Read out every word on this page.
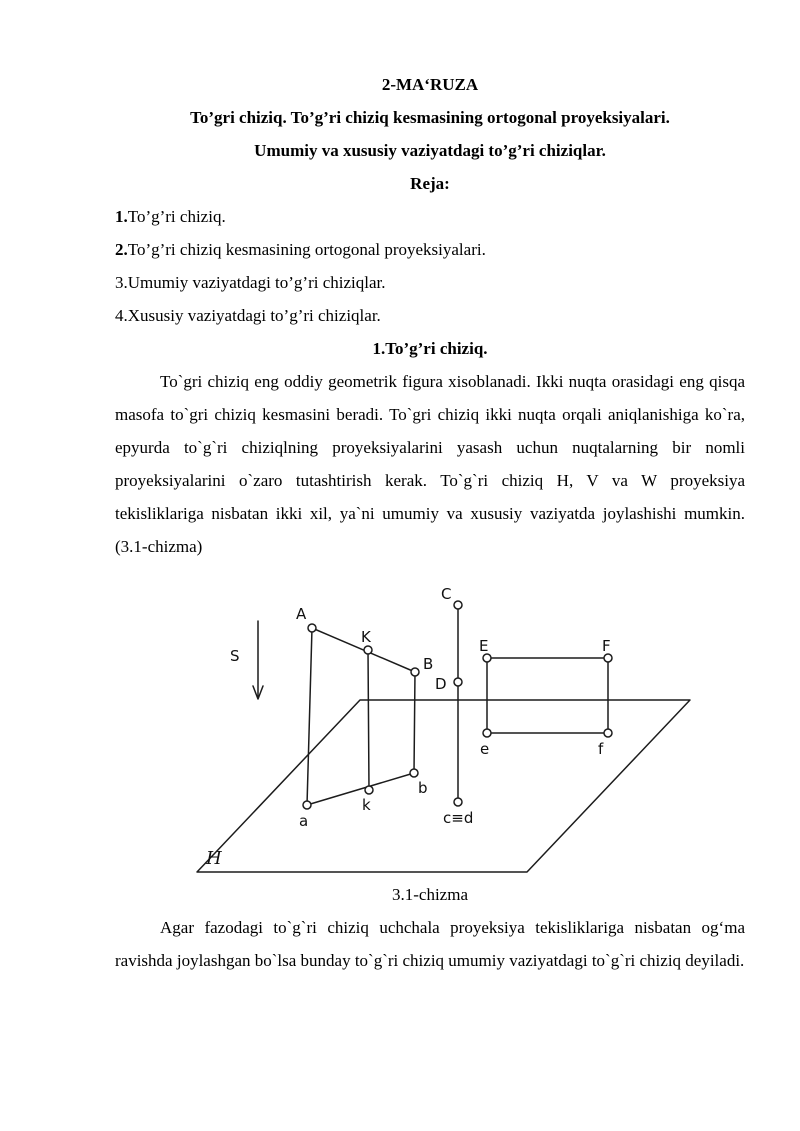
2-MA‘RUZA
To’gri chiziq. To’g’ri chiziq kesmasining ortogonal proyeksiyalari.
Umumiy va xususiy vaziyatdagi to’g’ri chiziqlar.
Reja:
1.To’g’ri chiziq.
2.To’g’ri chiziq kesmasining ortogonal proyeksiyalari.
3.Umumiy vaziyatdagi to’g’ri chiziqlar.
4.Xususiy vaziyatdagi to’g’ri chiziqlar.
1.To’g’ri chiziq.
To`gri chiziq eng oddiy geometrik figura xisoblanadi. Ikki nuqta orasidagi eng qisqa masofa to`gri chiziq kesmasini beradi. To`gri chiziq ikki nuqta orqali aniqlanishiga ko`ra, epyurda to`g`ri chiziqlning proyeksiyalarini yasash uchun nuqtalarning bir nomli proyeksiyalarini o`zaro tutashtirish kerak. To`g`ri chiziq H, V va W proyeksiya tekisliklariga nisbatan ikki xil, ya`ni umumiy va xususiy vaziyatda joylashishi mumkin. (3.1-chizma)
S
A
K
B
C
D
E	F
a
k
b
c≡d
e	f
H
3.1-chizma
Agar fazodagi to`g`ri chiziq uchchala proyeksiya tekisliklariga nisbatan og‘ma ravishda joylashgan bo`lsa bunday to`g`ri chiziq umumiy vaziyatdagi to`g`ri chiziq deyiladi.
